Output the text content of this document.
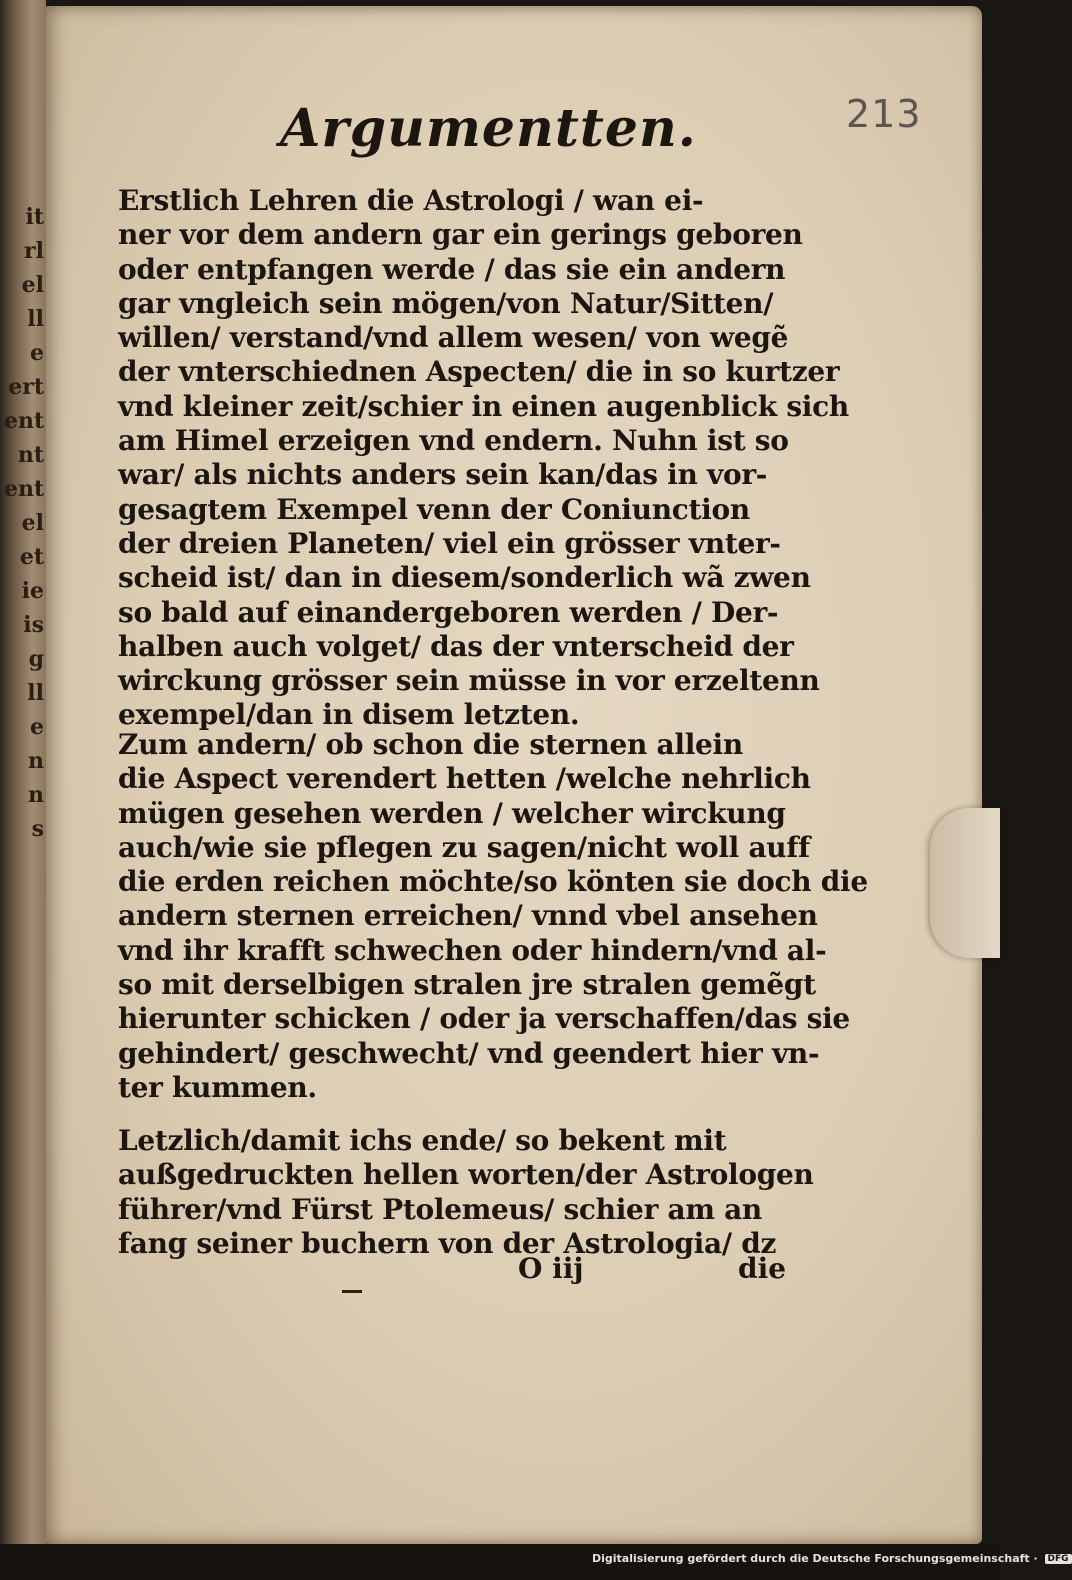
it
rl
el
ll
e
ert
ent
nt
ent
el
et
ie
is
g
ll
e
n
n
s
213
Argumentten.
Erstlich Lehren die Astrologi / wan ei-
ner vor dem andern gar ein gerings geboren
oder entpfangen werde / das sie ein andern
gar vngleich sein mögen/von Natur/Sitten/
willen/ verstand/vnd allem wesen/ von wegẽ
der vnterschiednen Aspecten/ die in so kurtzer
vnd kleiner zeit/schier in einen augenblick sich
am Himel erzeigen vnd endern. Nuhn ist so
war/ als nichts anders sein kan/das in vor-
gesagtem Exempel venn der Coniunction
der dreien Planeten/ viel ein grösser vnter-
scheid ist/ dan in diesem/sonderlich wã zwen
so bald auf einandergeboren werden / Der-
halben auch volget/ das der vnterscheid der
wirckung grösser sein müsse in vor erzeltenn
exempel/dan in disem letzten.
Zum andern/ ob schon die sternen allein
die Aspect verendert hetten /welche nehrlich
mügen gesehen werden / welcher wirckung
auch/wie sie pflegen zu sagen/nicht woll auff
die erden reichen möchte/so könten sie doch die
andern sternen erreichen/ vnnd vbel ansehen
vnd ihr krafft schwechen oder hindern/vnd al-
so mit derselbigen stralen jre stralen gemẽgt
hierunter schicken / oder ja verschaffen/das sie
gehindert/ geschwecht/ vnd geendert hier vn-
ter kummen.
Letzlich/damit ichs ende/ so bekent mit
außgedruckten hellen worten/der Astrologen
führer/vnd Fürst Ptolemeus/ schier am an
fang seiner buchern von der Astrologia/ dz
O iij	die
Digitalisierung gefördert durch die Deutsche Forschungsgemeinschaft · DFG
